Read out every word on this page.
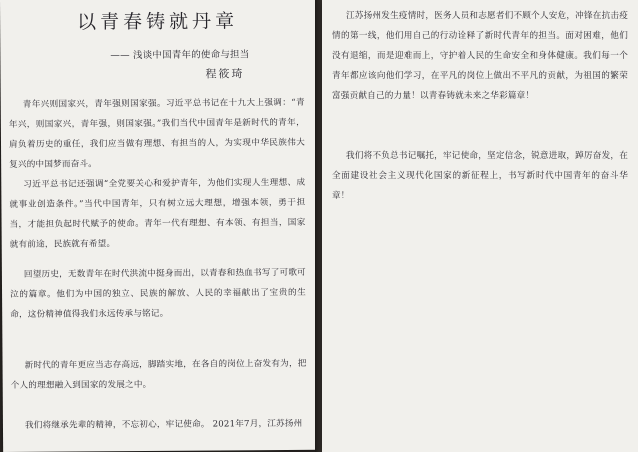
以青春铸就丹章
—— 浅谈中国青年的使命与担当
程筱琦

青年兴则国家兴，青年强则国家强。习近平总书记在十九大上强调：“青年兴，则国家兴，青年强，则国家强。”我们当代中国青年是新时代的青年，肩负着历史的重任，我们应当做有理想、有担当的人，为实现中华民族伟大复兴的中国梦而奋斗。

习近平总书记还强调“全党要关心和爱护青年，为他们实现人生理想、成就事业创造条件。”当代中国青年，只有树立远大理想，增强本领，勇于担当，才能担负起时代赋予的使命。青年一代有理想、有本领、有担当，国家就有前途，民族就有希望。

回望历史，无数青年在时代洪流中挺身而出，以青春和热血书写了可歌可泣的篇章。他们为中国的独立、民族的解放、人民的幸福献出了宝贵的生命，这份精神值得我们永远传承与铭记。

新时代的青年更应当志存高远，脚踏实地，在各自的岗位上奋发有为，把个人的理想融入到国家的发展之中。

我们将继承先辈的精神，不忘初心，牢记使命。 2021年7月，江苏扬州

江苏扬州发生疫情时，医务人员和志愿者们不顾个人安危，冲锋在抗击疫情的第一线，他们用自己的行动诠释了新时代青年的担当。面对困难，他们没有退缩，而是迎难而上，守护着人民的生命安全和身体健康。我们每一个青年都应该向他们学习，在平凡的岗位上做出不平凡的贡献，为祖国的繁荣富强贡献自己的力量！以青春铸就未来之华彩篇章！

我们将不负总书记嘱托，牢记使命，坚定信念，锐意进取，踔厉奋发，在全面建设社会主义现代化国家的新征程上，书写新时代中国青年的奋斗华章！
